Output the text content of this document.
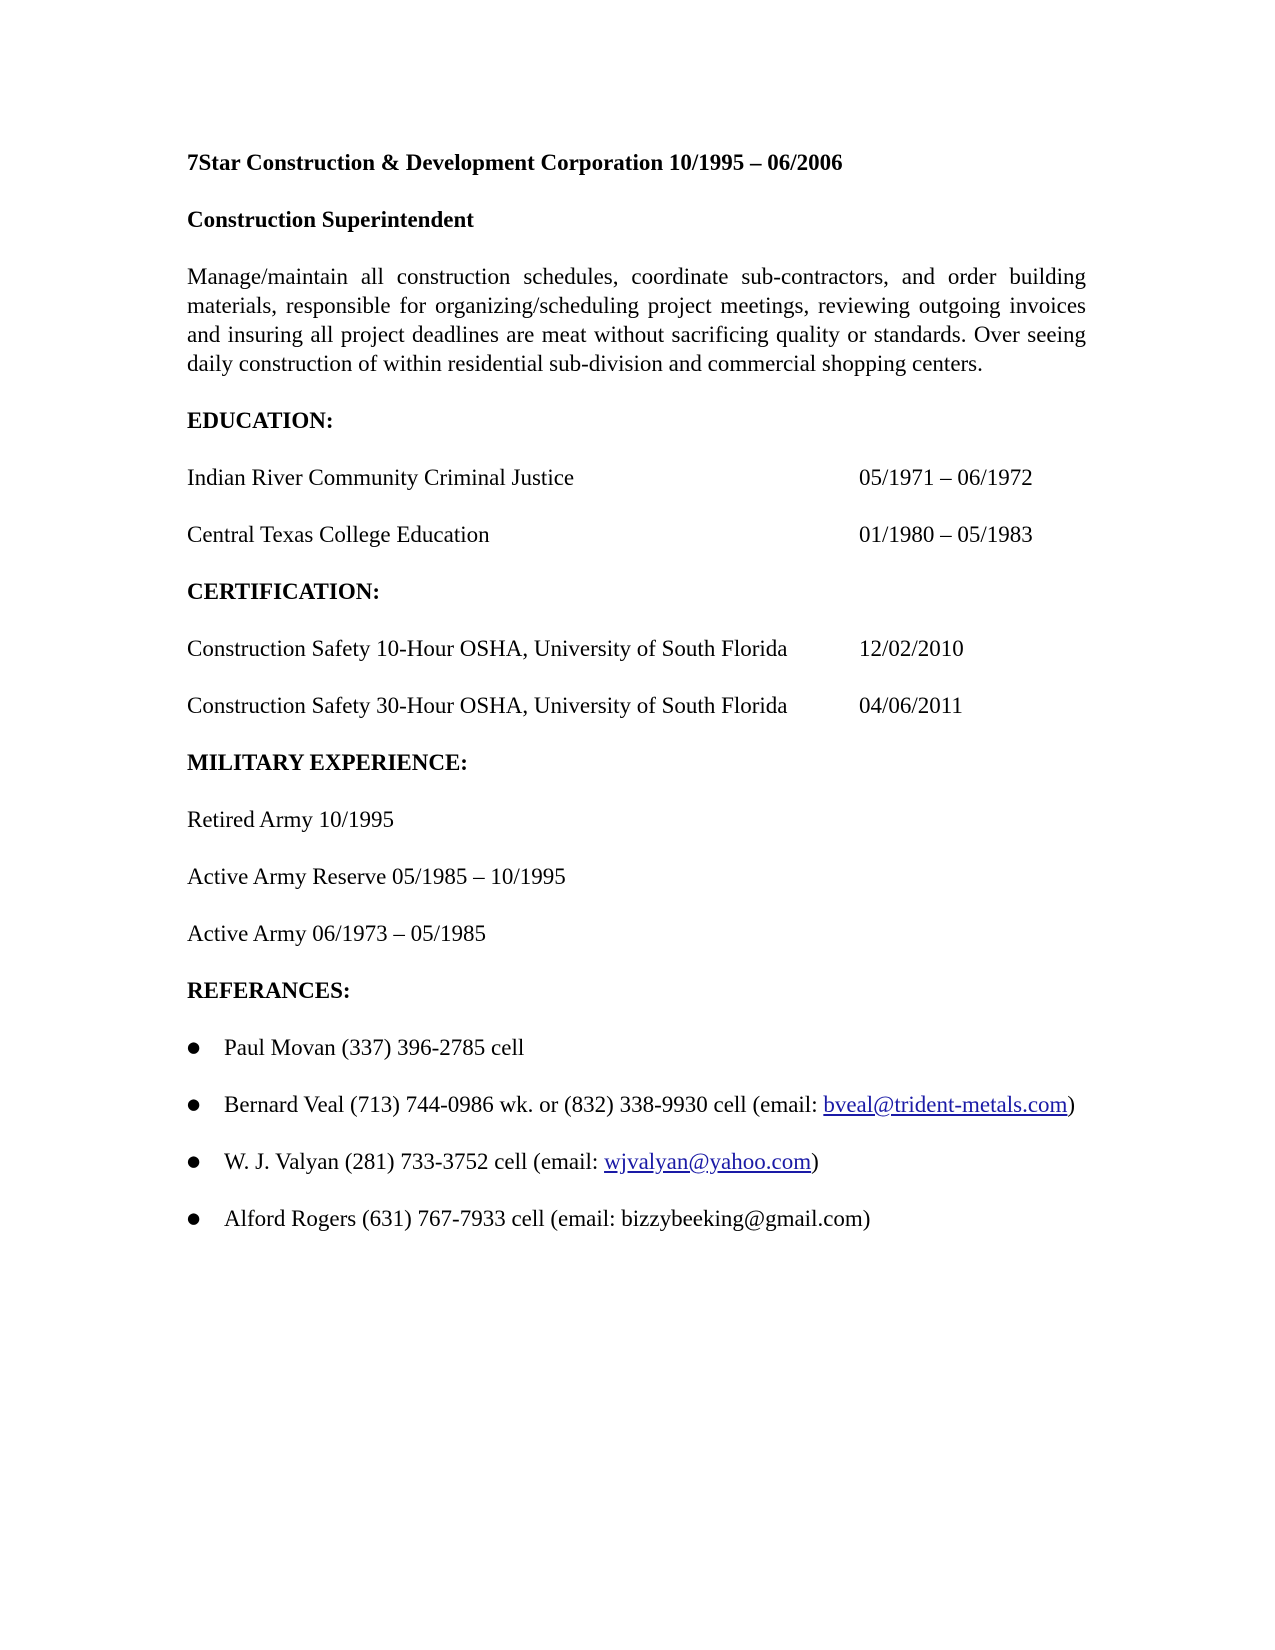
7Star Construction & Development Corporation 10/1995 – 06/2006

Construction Superintendent

Manage/maintain all construction schedules, coordinate sub-contractors, and order building materials, responsible for organizing/scheduling project meetings, reviewing outgoing invoices and insuring all project deadlines are meat without sacrificing quality or standards. Over seeing daily construction of within residential sub-division and commercial shopping centers.

EDUCATION:

Indian River Community Criminal Justice	05/1971 – 06/1972
Central Texas College Education	01/1980 – 05/1983

CERTIFICATION:

Construction Safety 10-Hour OSHA, University of South Florida	12/02/2010
Construction Safety 30-Hour OSHA, University of South Florida	04/06/2011

MILITARY EXPERIENCE:

Retired Army 10/1995

Active Army Reserve 05/1985 – 10/1995

Active Army 06/1973 – 05/1985

REFERANCES:

● Paul Movan (337) 396-2785 cell
● Bernard Veal (713) 744-0986 wk. or (832) 338-9930 cell (email: bveal@trident-metals.com)
● W. J. Valyan (281) 733-3752 cell (email: wjvalyan@yahoo.com)
● Alford Rogers (631) 767-7933 cell (email: bizzybeeking@gmail.com)
